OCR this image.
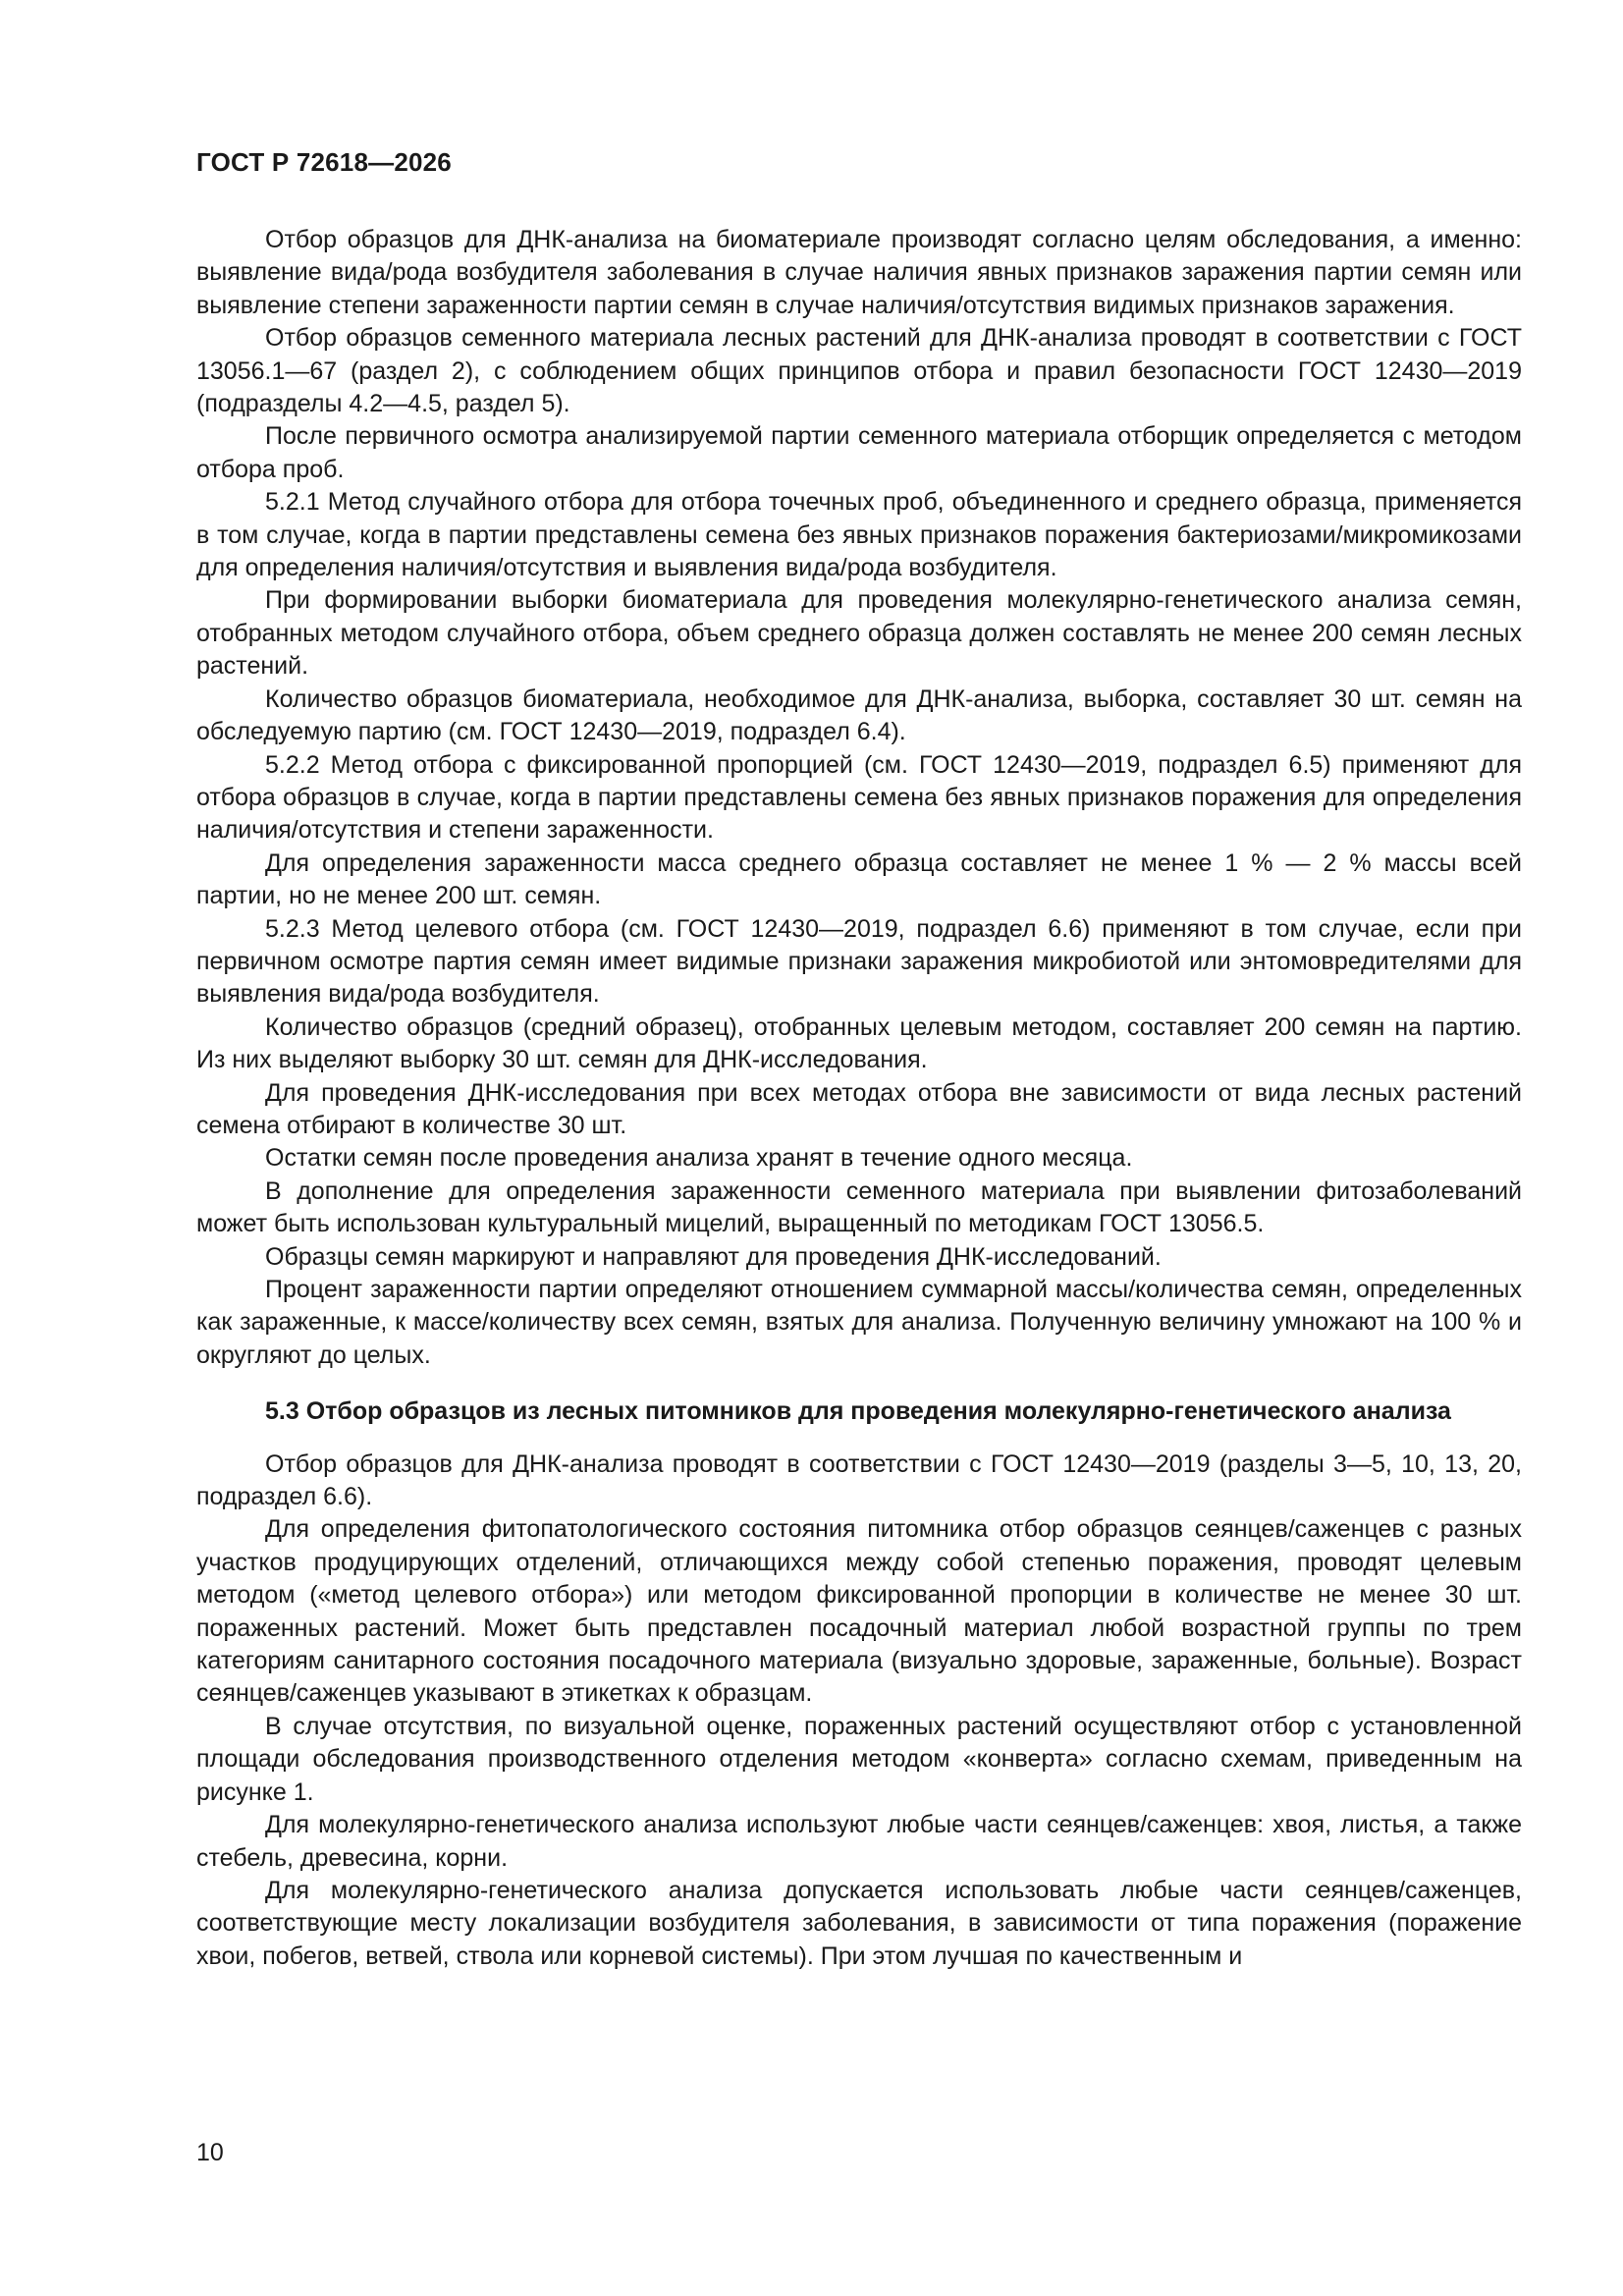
ГОСТ Р 72618—2026

Отбор образцов для ДНК-анализа на биоматериале производят согласно целям обследования, а именно: выявление вида/рода возбудителя заболевания в случае наличия явных признаков заражения партии семян или выявление степени зараженности партии семян в случае наличия/отсутствия видимых признаков заражения.

Отбор образцов семенного материала лесных растений для ДНК-анализа проводят в соответствии с ГОСТ 13056.1—67 (раздел 2), с соблюдением общих принципов отбора и правил безопасности ГОСТ 12430—2019 (подразделы 4.2—4.5, раздел 5).

После первичного осмотра анализируемой партии семенного материала отборщик определяется с методом отбора проб.

5.2.1 Метод случайного отбора для отбора точечных проб, объединенного и среднего образца, применяется в том случае, когда в партии представлены семена без явных признаков поражения бактериозами/микромикозами для определения наличия/отсутствия и выявления вида/рода возбудителя.

При формировании выборки биоматериала для проведения молекулярно-генетического анализа семян, отобранных методом случайного отбора, объем среднего образца должен составлять не менее 200 семян лесных растений.

Количество образцов биоматериала, необходимое для ДНК-анализа, выборка, составляет 30 шт. семян на обследуемую партию (см. ГОСТ 12430—2019, подраздел 6.4).

5.2.2 Метод отбора с фиксированной пропорцией (см. ГОСТ 12430—2019, подраздел 6.5) применяют для отбора образцов в случае, когда в партии представлены семена без явных признаков поражения для определения наличия/отсутствия и степени зараженности.

Для определения зараженности масса среднего образца составляет не менее 1 % — 2 % массы всей партии, но не менее 200 шт. семян.

5.2.3 Метод целевого отбора (см. ГОСТ 12430—2019, подраздел 6.6) применяют в том случае, если при первичном осмотре партия семян имеет видимые признаки заражения микробиотой или энтомовредителями для выявления вида/рода возбудителя.

Количество образцов (средний образец), отобранных целевым методом, составляет 200 семян на партию. Из них выделяют выборку 30 шт. семян для ДНК-исследования.

Для проведения ДНК-исследования при всех методах отбора вне зависимости от вида лесных растений семена отбирают в количестве 30 шт.

Остатки семян после проведения анализа хранят в течение одного месяца.

В дополнение для определения зараженности семенного материала при выявлении фитозаболеваний может быть использован культуральный мицелий, выращенный по методикам ГОСТ 13056.5.

Образцы семян маркируют и направляют для проведения ДНК-исследований.

Процент зараженности партии определяют отношением суммарной массы/количества семян, определенных как зараженные, к массе/количеству всех семян, взятых для анализа. Полученную величину умножают на 100 % и округляют до целых.

5.3 Отбор образцов из лесных питомников для проведения молекулярно-генетического анализа

Отбор образцов для ДНК-анализа проводят в соответствии с ГОСТ 12430—2019 (разделы 3—5, 10, 13, 20, подраздел 6.6).

Для определения фитопатологического состояния питомника отбор образцов сеянцев/саженцев с разных участков продуцирующих отделений, отличающихся между собой степенью поражения, проводят целевым методом («метод целевого отбора») или методом фиксированной пропорции в количестве не менее 30 шт. пораженных растений. Может быть представлен посадочный материал любой возрастной группы по трем категориям санитарного состояния посадочного материала (визуально здоровые, зараженные, больные). Возраст сеянцев/саженцев указывают в этикетках к образцам.

В случае отсутствия, по визуальной оценке, пораженных растений осуществляют отбор с установленной площади обследования производственного отделения методом «конверта» согласно схемам, приведенным на рисунке 1.

Для молекулярно-генетического анализа используют любые части сеянцев/саженцев: хвоя, листья, а также стебель, древесина, корни.

Для молекулярно-генетического анализа допускается использовать любые части сеянцев/саженцев, соответствующие месту локализации возбудителя заболевания, в зависимости от типа поражения (поражение хвои, побегов, ветвей, ствола или корневой системы). При этом лучшая по качественным и

10
